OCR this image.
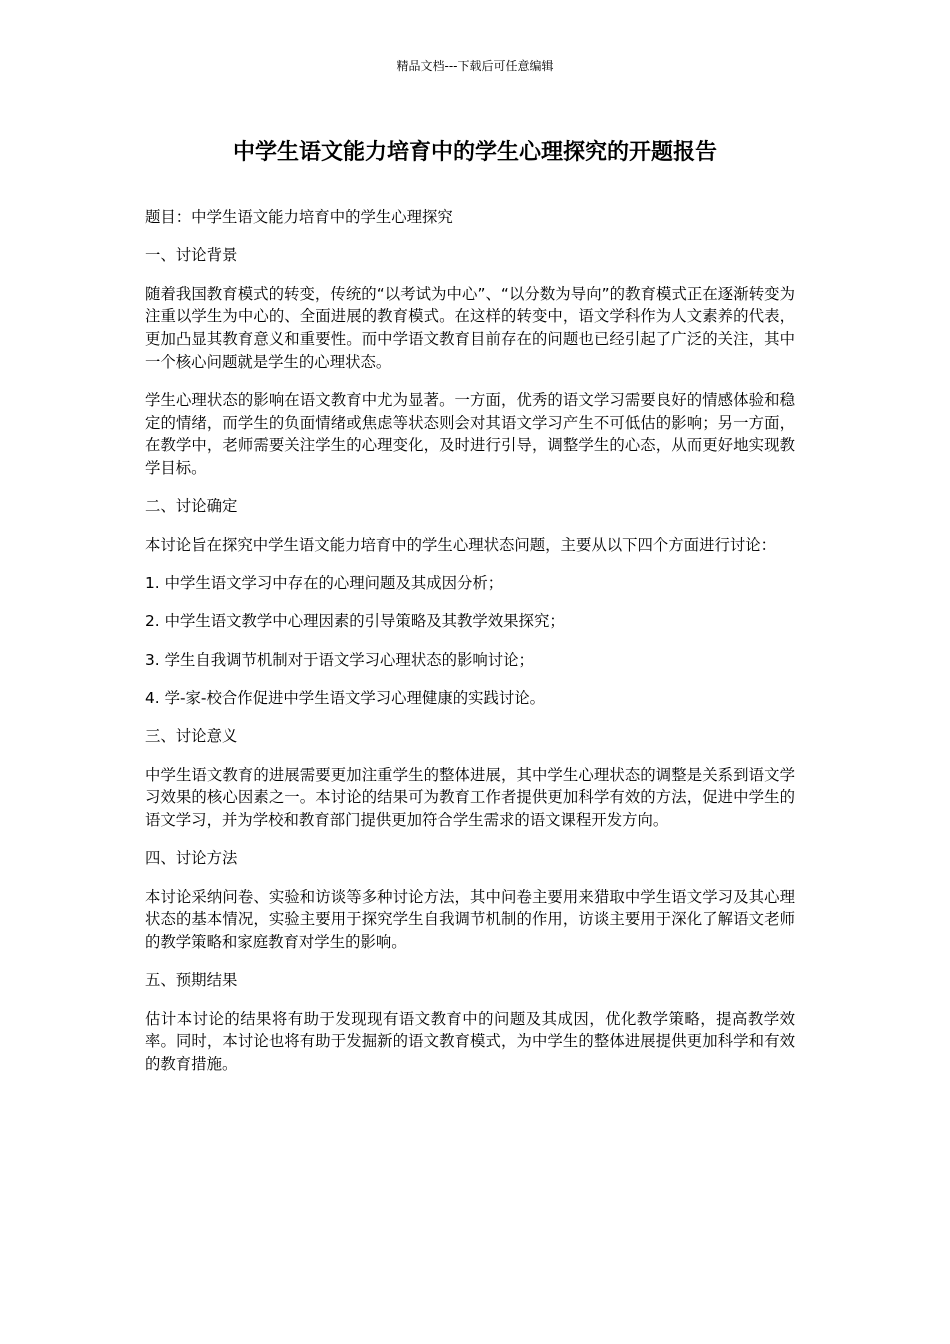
精品文档---下载后可任意编辑
中学生语文能力培育中的学生心理探究的开题报告

题目：中学生语文能力培育中的学生心理探究

一、讨论背景

随着我国教育模式的转变，传统的“以考试为中心”、“以分数为导向”的教育模式正在逐渐转变为注重以学生为中心的、全面进展的教育模式。在这样的转变中，语文学科作为人文素养的代表，更加凸显其教育意义和重要性。而中学语文教育目前存在的问题也已经引起了广泛的关注，其中一个核心问题就是学生的心理状态。

学生心理状态的影响在语文教育中尤为显著。一方面，优秀的语文学习需要良好的情感体验和稳定的情绪，而学生的负面情绪或焦虑等状态则会对其语文学习产生不可低估的影响；另一方面，在教学中，老师需要关注学生的心理变化，及时进行引导，调整学生的心态，从而更好地实现教学目标。

二、讨论确定

本讨论旨在探究中学生语文能力培育中的学生心理状态问题，主要从以下四个方面进行讨论：

1. 中学生语文学习中存在的心理问题及其成因分析；

2. 中学生语文教学中心理因素的引导策略及其教学效果探究；

3. 学生自我调节机制对于语文学习心理状态的影响讨论；

4. 学-家-校合作促进中学生语文学习心理健康的实践讨论。

三、讨论意义

中学生语文教育的进展需要更加注重学生的整体进展，其中学生心理状态的调整是关系到语文学习效果的核心因素之一。本讨论的结果可为教育工作者提供更加科学有效的方法，促进中学生的语文学习，并为学校和教育部门提供更加符合学生需求的语文课程开发方向。

四、讨论方法

本讨论采纳问卷、实验和访谈等多种讨论方法，其中问卷主要用来猎取中学生语文学习及其心理状态的基本情况，实验主要用于探究学生自我调节机制的作用，访谈主要用于深化了解语文老师的教学策略和家庭教育对学生的影响。

五、预期结果

估计本讨论的结果将有助于发现现有语文教育中的问题及其成因，优化教学策略，提高教学效率。同时，本讨论也将有助于发掘新的语文教育模式，为中学生的整体进展提供更加科学和有效的教育措施。
